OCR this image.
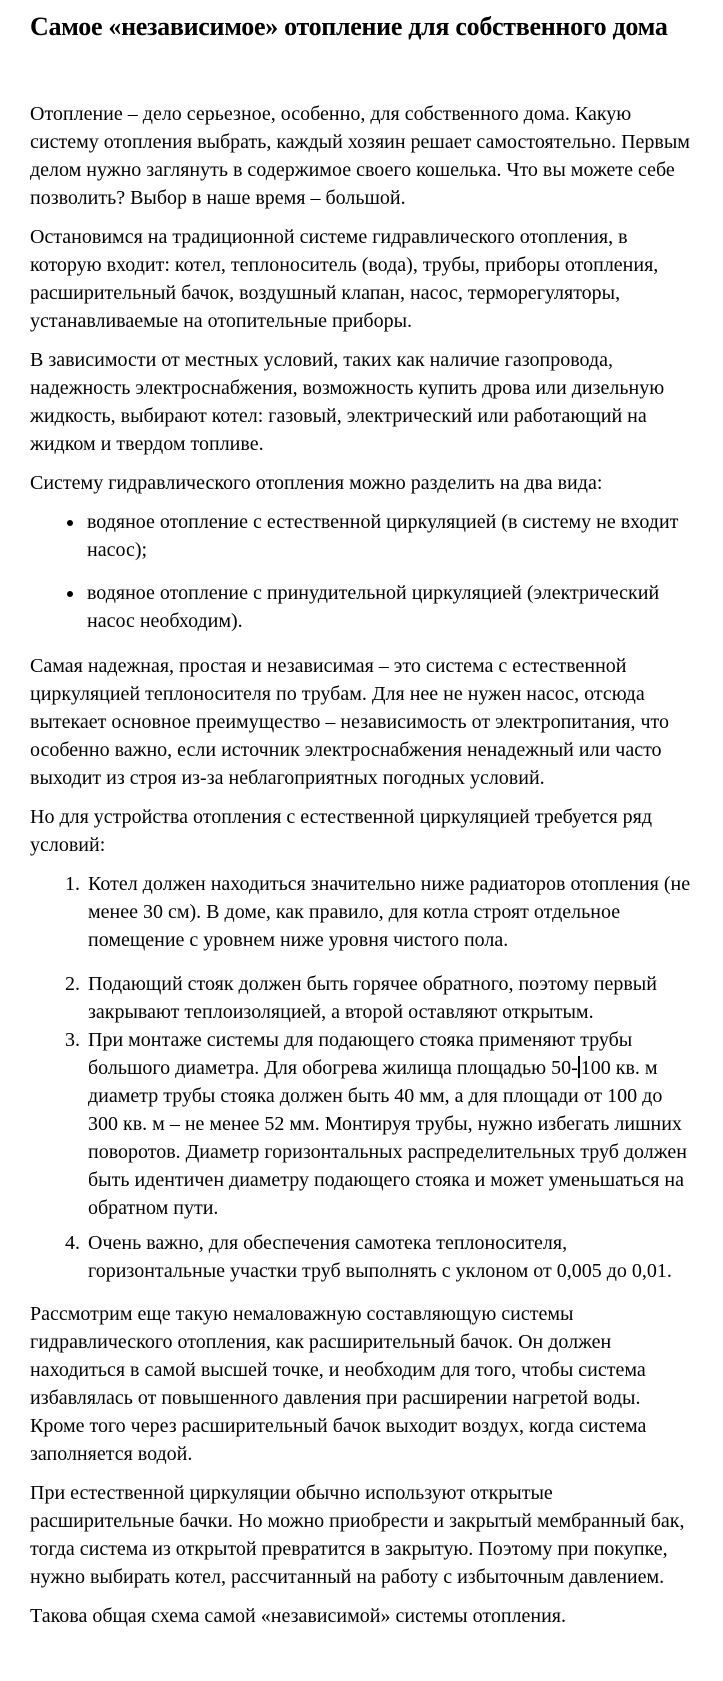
Самое «независимое» отопление для собственного дома

Отопление – дело серьезное, особенно, для собственного дома. Какую систему отопления выбрать, каждый хозяин решает самостоятельно. Первым делом нужно заглянуть в содержимое своего кошелька. Что вы можете себе позволить? Выбор в наше время – большой.

Остановимся на традиционной системе гидравлического отопления, в которую входит: котел, теплоноситель (вода), трубы, приборы отопления, расширительный бачок, воздушный клапан, насос, терморегуляторы, устанавливаемые на отопительные приборы.

В зависимости от местных условий, таких как наличие газопровода, надежность электроснабжения, возможность купить дрова или дизельную жидкость, выбирают котел: газовый, электрический или работающий на жидком и твердом топливе.

Систему гидравлического отопления можно разделить на два вида:

• водяное отопление с естественной циркуляцией (в систему не входит насос);
• водяное отопление с принудительной циркуляцией (электрический насос необходим).

Самая надежная, простая и независимая – это система с естественной циркуляцией теплоносителя по трубам. Для нее не нужен насос, отсюда вытекает основное преимущество – независимость от электропитания, что особенно важно, если источник электроснабжения ненадежный или часто выходит из строя из-за неблагоприятных погодных условий.

Но для устройства отопления с естественной циркуляцией требуется ряд условий:

1. Котел должен находиться значительно ниже радиаторов отопления (не менее 30 см). В доме, как правило, для котла строят отдельное помещение с уровнем ниже уровня чистого пола.
2. Подающий стояк должен быть горячее обратного, поэтому первый закрывают теплоизоляцией, а второй оставляют открытым.
3. При монтаже системы для подающего стояка применяют трубы большого диаметра. Для обогрева жилища площадью 50- 100 кв. м диаметр трубы стояка должен быть 40 мм, а для площади от 100 до 300 кв. м – не менее 52 мм. Монтируя трубы, нужно избегать лишних поворотов. Диаметр горизонтальных распределительных труб должен быть идентичен диаметру подающего стояка и может уменьшаться на обратном пути.
4. Очень важно, для обеспечения самотека теплоносителя, горизонтальные участки труб выполнять с уклоном от 0,005 до 0,01.

Рассмотрим еще такую немаловажную составляющую системы гидравлического отопления, как расширительный бачок. Он должен находиться в самой высшей точке, и необходим для того, чтобы система избавлялась от повышенного давления при расширении нагретой воды. Кроме того через расширительный бачок выходит воздух, когда система заполняется водой.

При естественной циркуляции обычно используют открытые расширительные бачки. Но можно приобрести и закрытый мембранный бак, тогда система из открытой превратится в закрытую. Поэтому при покупке, нужно выбирать котел, рассчитанный на работу с избыточным давлением.

Такова общая схема самой «независимой» системы отопления.
